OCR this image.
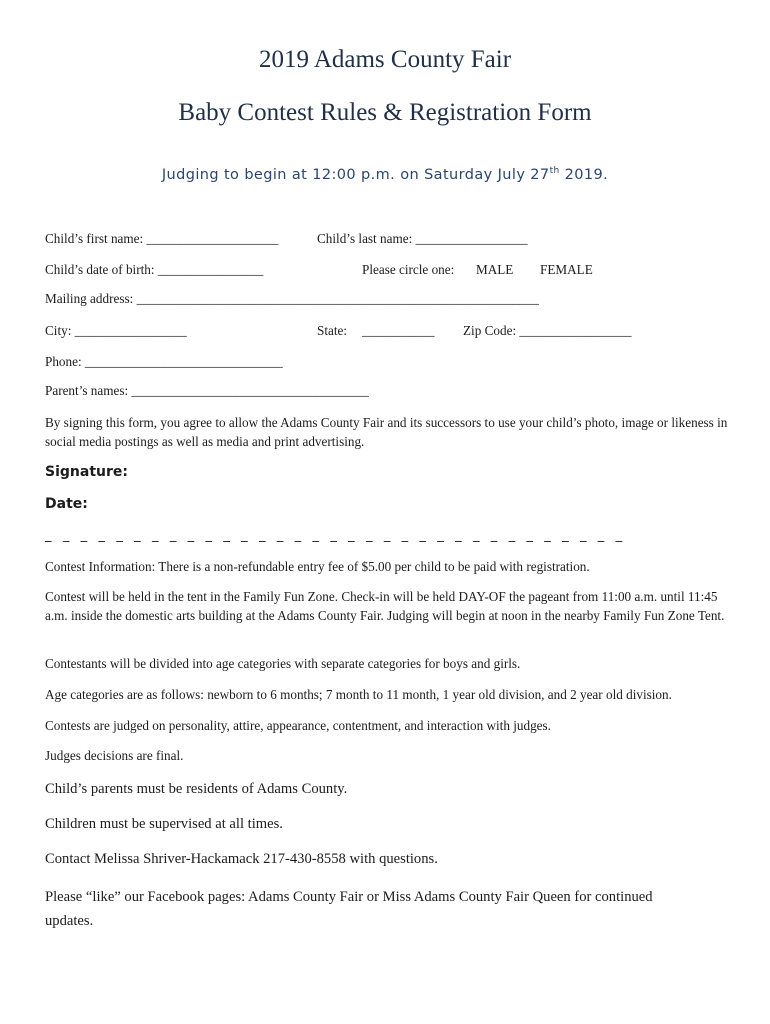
2019 Adams County Fair
Baby Contest Rules & Registration Form
Judging to begin at 12:00 p.m. on Saturday July 27th 2019.
Child’s first name: ____________________	Child’s last name: _________________
Child’s date of birth: ________________	Please circle one: MALE FEMALE
Mailing address: _____________________________________________________________
City: _________________	State: ___________ Zip Code: _________________
Phone: ______________________________
Parent’s names: ____________________________________
By signing this form, you agree to allow the Adams County Fair and its successors to use your child’s photo, image or likeness in social media postings as well as media and print advertising.
Signature:
Date:
_ _ _ _ _ _ _ _ _ _ _ _ _ _ _ _ _ _ _ _ _ _ _ _ _ _ _ _ _ _ _ _ _
Contest Information: There is a non-refundable entry fee of $5.00 per child to be paid with registration.
Contest will be held in the tent in the Family Fun Zone. Check-in will be held DAY-OF the pageant from 11:00 a.m. until 11:45 a.m. inside the domestic arts building at the Adams County Fair. Judging will begin at noon in the nearby Family Fun Zone Tent.
Contestants will be divided into age categories with separate categories for boys and girls.
Age categories are as follows: newborn to 6 months; 7 month to 11 month, 1 year old division, and 2 year old division.
Contests are judged on personality, attire, appearance, contentment, and interaction with judges.
Judges decisions are final.
Child’s parents must be residents of Adams County.
Children must be supervised at all times.
Contact Melissa Shriver-Hackamack 217-430-8558 with questions.
Please “like” our Facebook pages: Adams County Fair or Miss Adams County Fair Queen for continued updates.
